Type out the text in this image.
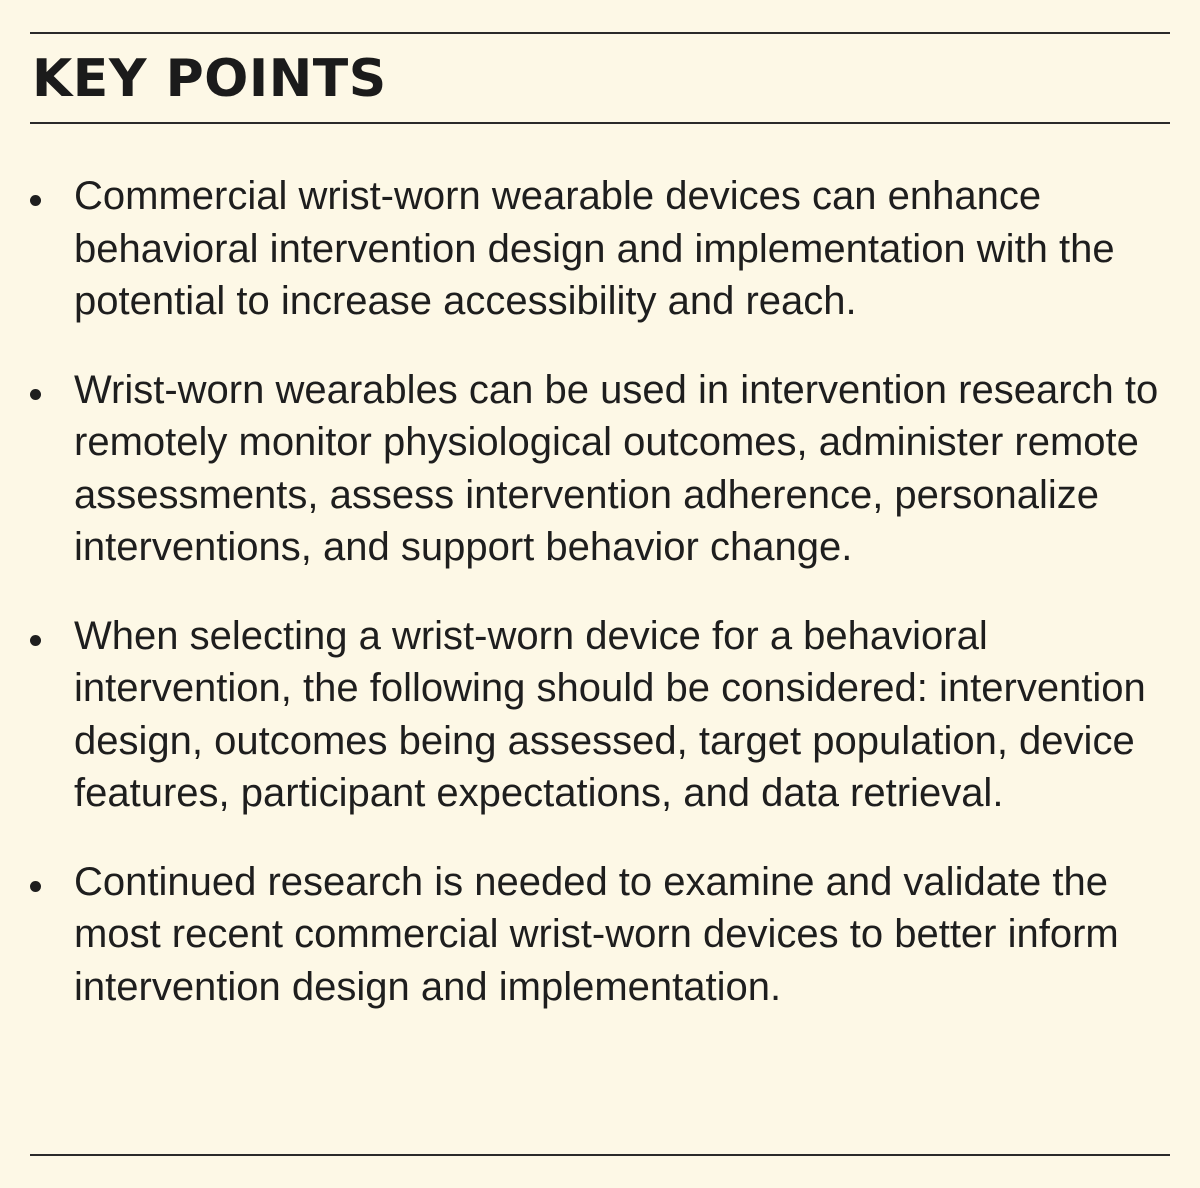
KEY POINTS
Commercial wrist-worn wearable devices can enhance behavioral intervention design and implementation with the potential to increase accessibility and reach.
Wrist-worn wearables can be used in intervention research to remotely monitor physiological outcomes, administer remote assessments, assess intervention adherence, personalize interventions, and support behavior change.
When selecting a wrist-worn device for a behavioral intervention, the following should be considered: intervention design, outcomes being assessed, target population, device features, participant expectations, and data retrieval.
Continued research is needed to examine and validate the most recent commercial wrist-worn devices to better inform intervention design and implementation.
